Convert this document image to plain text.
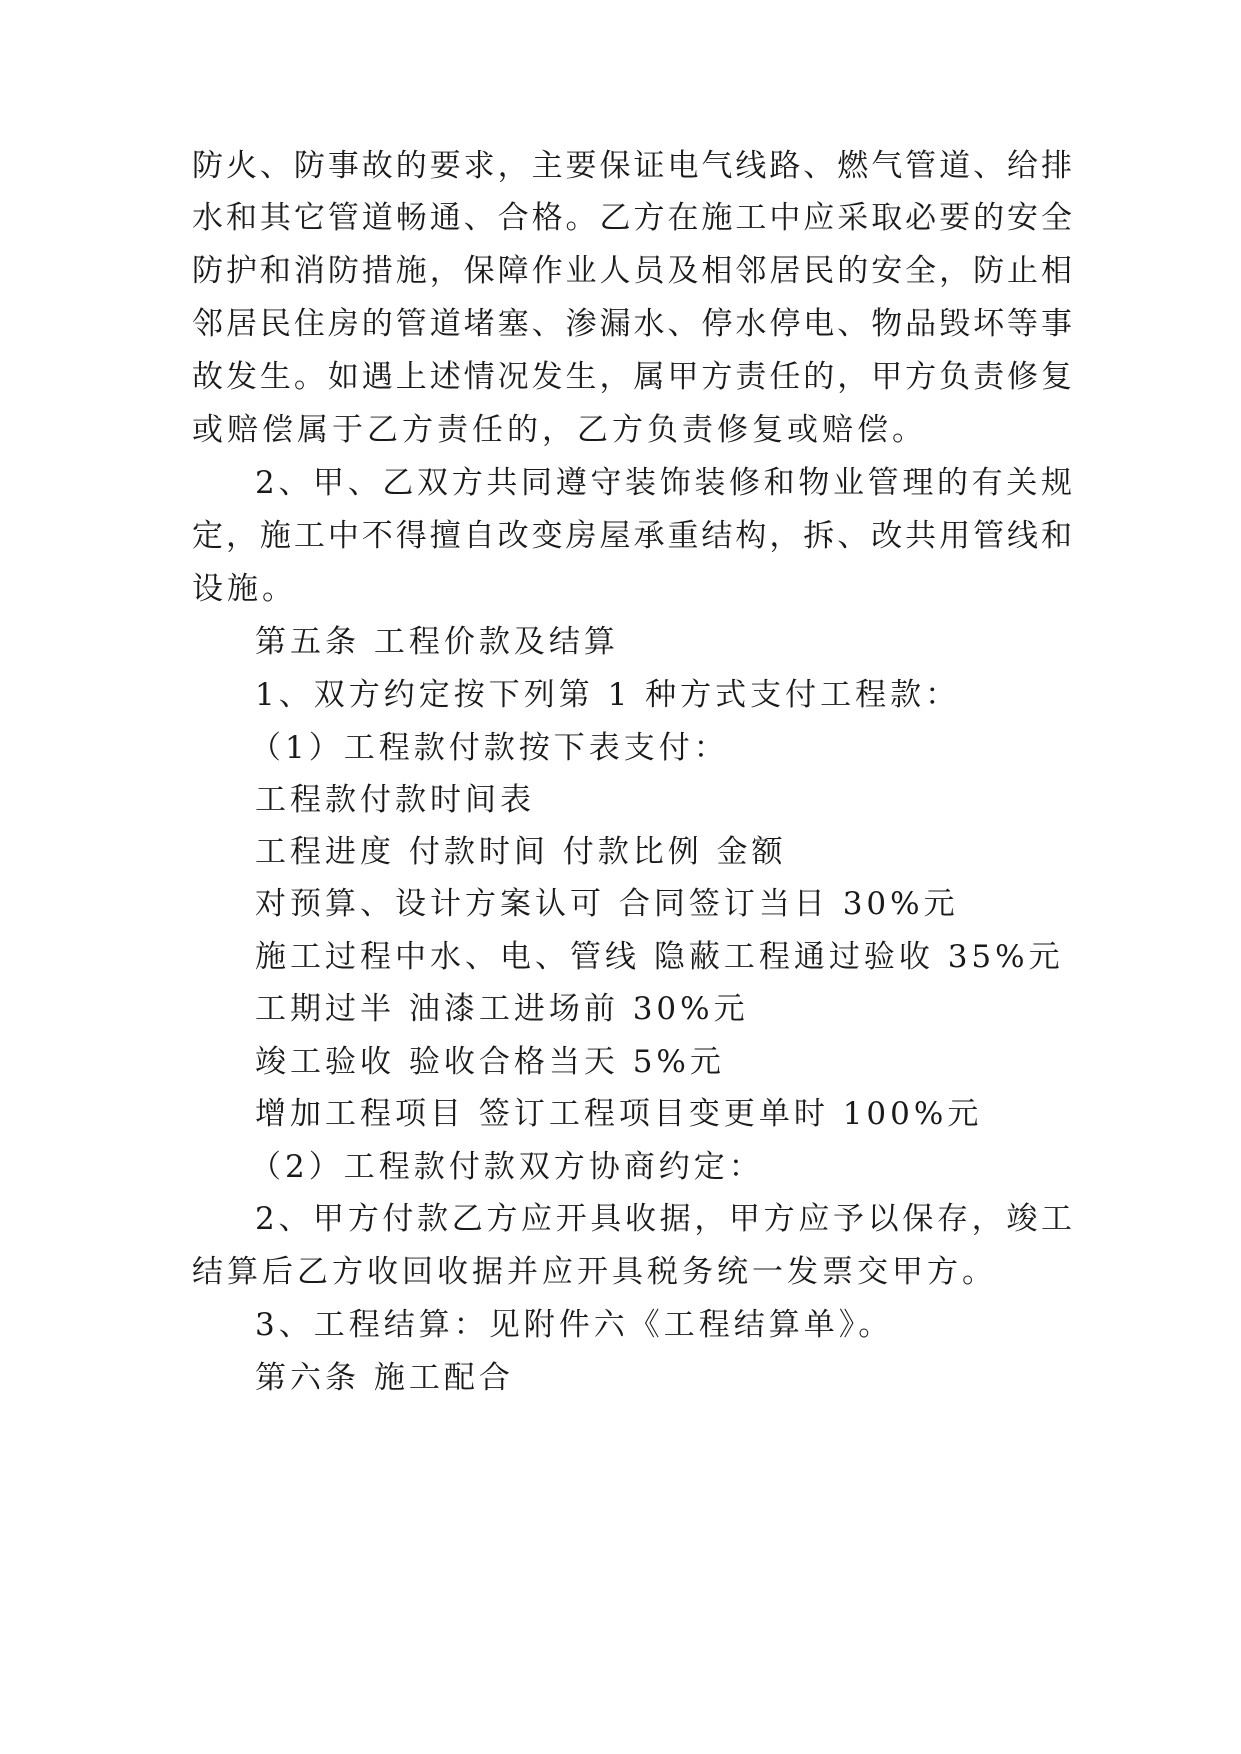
防火、防事故的要求，主要保证电气线路、燃气管道、给排
水和其它管道畅通、合格。乙方在施工中应采取必要的安全
防护和消防措施，保障作业人员及相邻居民的安全，防止相
邻居民住房的管道堵塞、渗漏水、停水停电、物品毁坏等事
故发生。如遇上述情况发生，属甲方责任的，甲方负责修复
或赔偿属于乙方责任的，乙方负责修复或赔偿。
2、甲、乙双方共同遵守装饰装修和物业管理的有关规
定，施工中不得擅自改变房屋承重结构，拆、改共用管线和
设施。
第五条 工程价款及结算
1、双方约定按下列第 1 种方式支付工程款：
（1）工程款付款按下表支付：
工程款付款时间表
工程进度 付款时间 付款比例 金额
对预算、设计方案认可 合同签订当日 30%元
施工过程中水、电、管线 隐蔽工程通过验收 35%元
工期过半 油漆工进场前 30%元
竣工验收 验收合格当天 5%元
增加工程项目 签订工程项目变更单时 100%元
（2）工程款付款双方协商约定：
2、甲方付款乙方应开具收据，甲方应予以保存，竣工
结算后乙方收回收据并应开具税务统一发票交甲方。
3、工程结算：见附件六《工程结算单》。
第六条 施工配合
